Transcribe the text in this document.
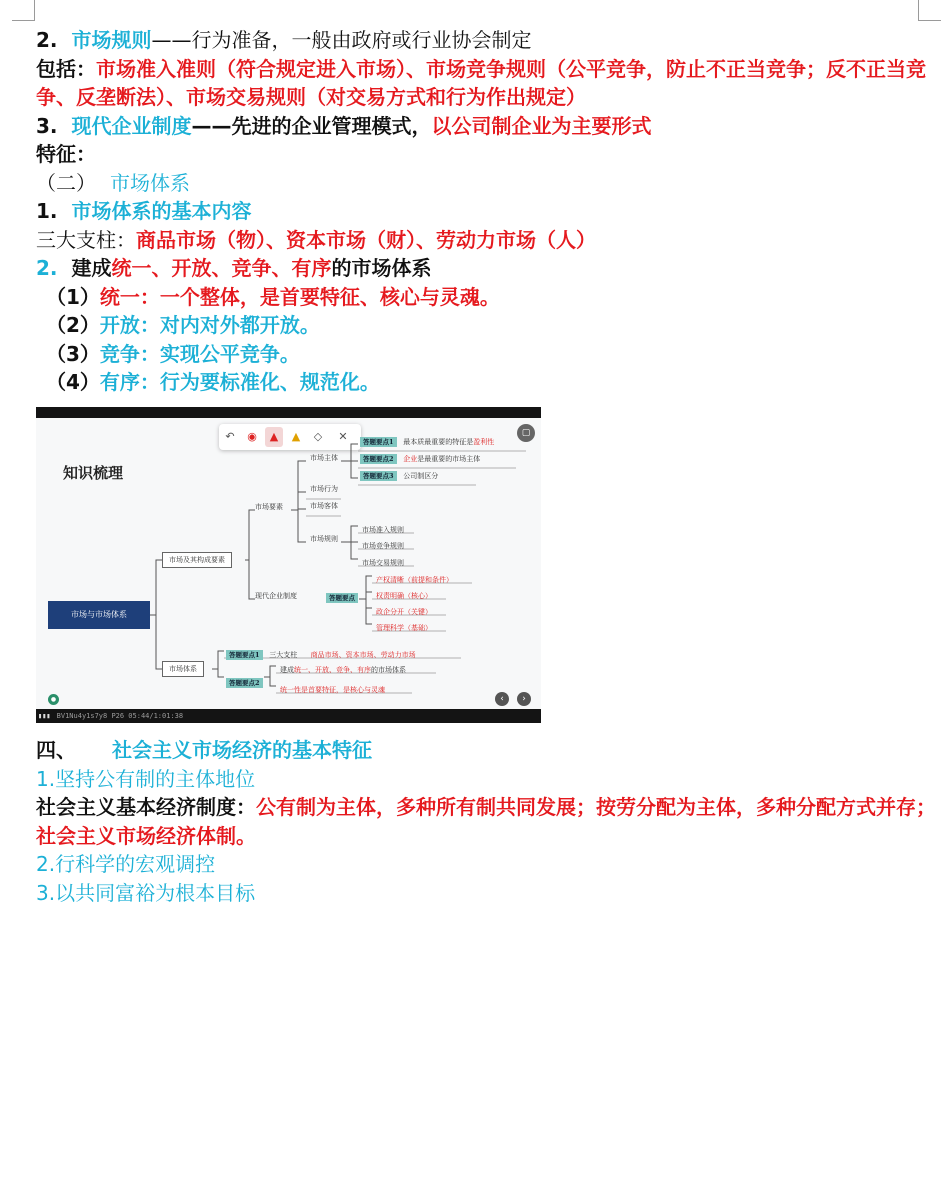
2. 市场规则——行为准备，一般由政府或行业协会制定
包括：市场准入准则（符合规定进入市场）、市场竞争规则（公平竞争，防止不正当竞争；反不正当竞争、反垄断法）、市场交易规则（对交易方式和行为作出规定）
3. 现代企业制度——先进的企业管理模式，以公司制企业为主要形式
特征：
（二） 市场体系
1. 市场体系的基本内容
三大支柱：商品市场（物）、资本市场（财）、劳动力市场（人）
2. 建成统一、开放、竞争、有序的市场体系
（1）统一：一个整体，是首要特征、核心与灵魂。
（2）开放：对内对外都开放。
（3）竞争：实现公平竞争。
（4）有序：行为要标准化、规范化。
↶ ◉	▲	▲ ◇ ✕	▢
知识梳理
市场与市场体系
市场及其构成要素
市场体系
市场要素
现代企业制度
市场主体
市场行为
市场客体
市场规则
答题要点1 最本质最重要的特征是盈利性
答题要点2 企业是最重要的市场主体
答题要点3 公司制区分
市场准入规则
市场竞争规则
市场交易规则
答题要点
产权清晰（前提和条件）
权责明确（核心）
政企分开（关键）
管理科学（基础）
答题要点1 三大支柱 商品市场、资本市场、劳动力市场
答题要点2
建成统一、开放、竞争、有序的市场体系
统一性是首要特征，是核心与灵魂
‹	›
●
▮▮▮ BV1Nu4y1s7y8 P26 05:44/1:01:38
四、 社会主义市场经济的基本特征
1.坚持公有制的主体地位
社会主义基本经济制度：公有制为主体，多种所有制共同发展；按劳分配为主体，多种分配方式并存；社会主义市场经济体制。
2.行科学的宏观调控
3.以共同富裕为根本目标
